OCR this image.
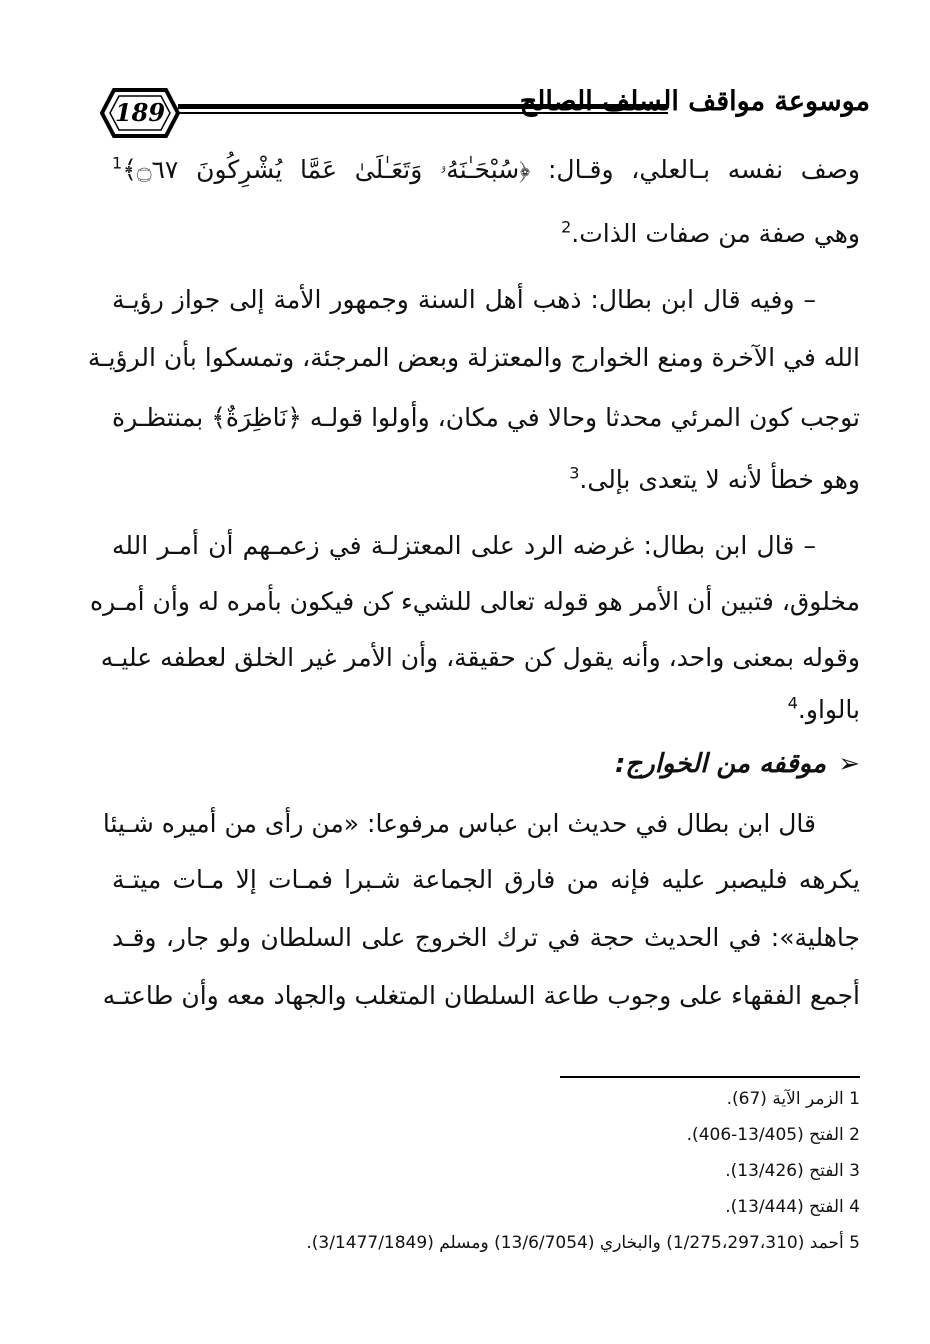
189	موسوعة مواقف السلف الصالح
وصف نفسه بـالعلي، وقـال: ﴿سُبْحَـٰنَهُۥ وَتَعَـٰلَىٰ عَمَّا يُشْرِكُونَ ۝٦٧﴾$^1$
وهي صفة من صفات الذات.$^2$
– وفيه قال ابن بطال: ذهب أهل السنة وجمهور الأمة إلى جواز رؤيـة
الله في الآخرة ومنع الخوارج والمعتزلة وبعض المرجئة، وتمسكوا بأن الرؤيـة
توجب كون المرئي محدثا وحالا في مكان، وأولوا قولـه ﴿نَاظِرَةٌ﴾ بمنتظـرة
وهو خطأ لأنه لا يتعدى بإلى.$^3$
– قال ابن بطال: غرضه الرد على المعتزلـة في زعمـهم أن أمـر الله
مخلوق، فتبين أن الأمر هو قوله تعالى للشيء كن فيكون بأمره له وأن أمـره
وقوله بمعنى واحد، وأنه يقول كن حقيقة، وأن الأمر غير الخلق لعطفه عليـه
بالواو.$^4$
➢موقفه من الخوارج:
قال ابن بطال في حديث ابن عباس مرفوعا: «من رأى من أميره شـيئا
يكرهه فليصبر عليه فإنه من فارق الجماعة شـبرا فمـات إلا مـات ميتـة
جاهلية»: في الحديث حجة في ترك الخروج على السلطان ولو جار، وقـد
أجمع الفقهاء على وجوب طاعة السلطان المتغلب والجهاد معه وأن طاعتـه
1 الزمر الآية (67).
2 الفتح (13/405-406).
3 الفتح (13/426).
4 الفتح (13/444).
5 أحمد (1/275،297،310) والبخاري (13/6/7054) ومسلم (3/1477/1849).
